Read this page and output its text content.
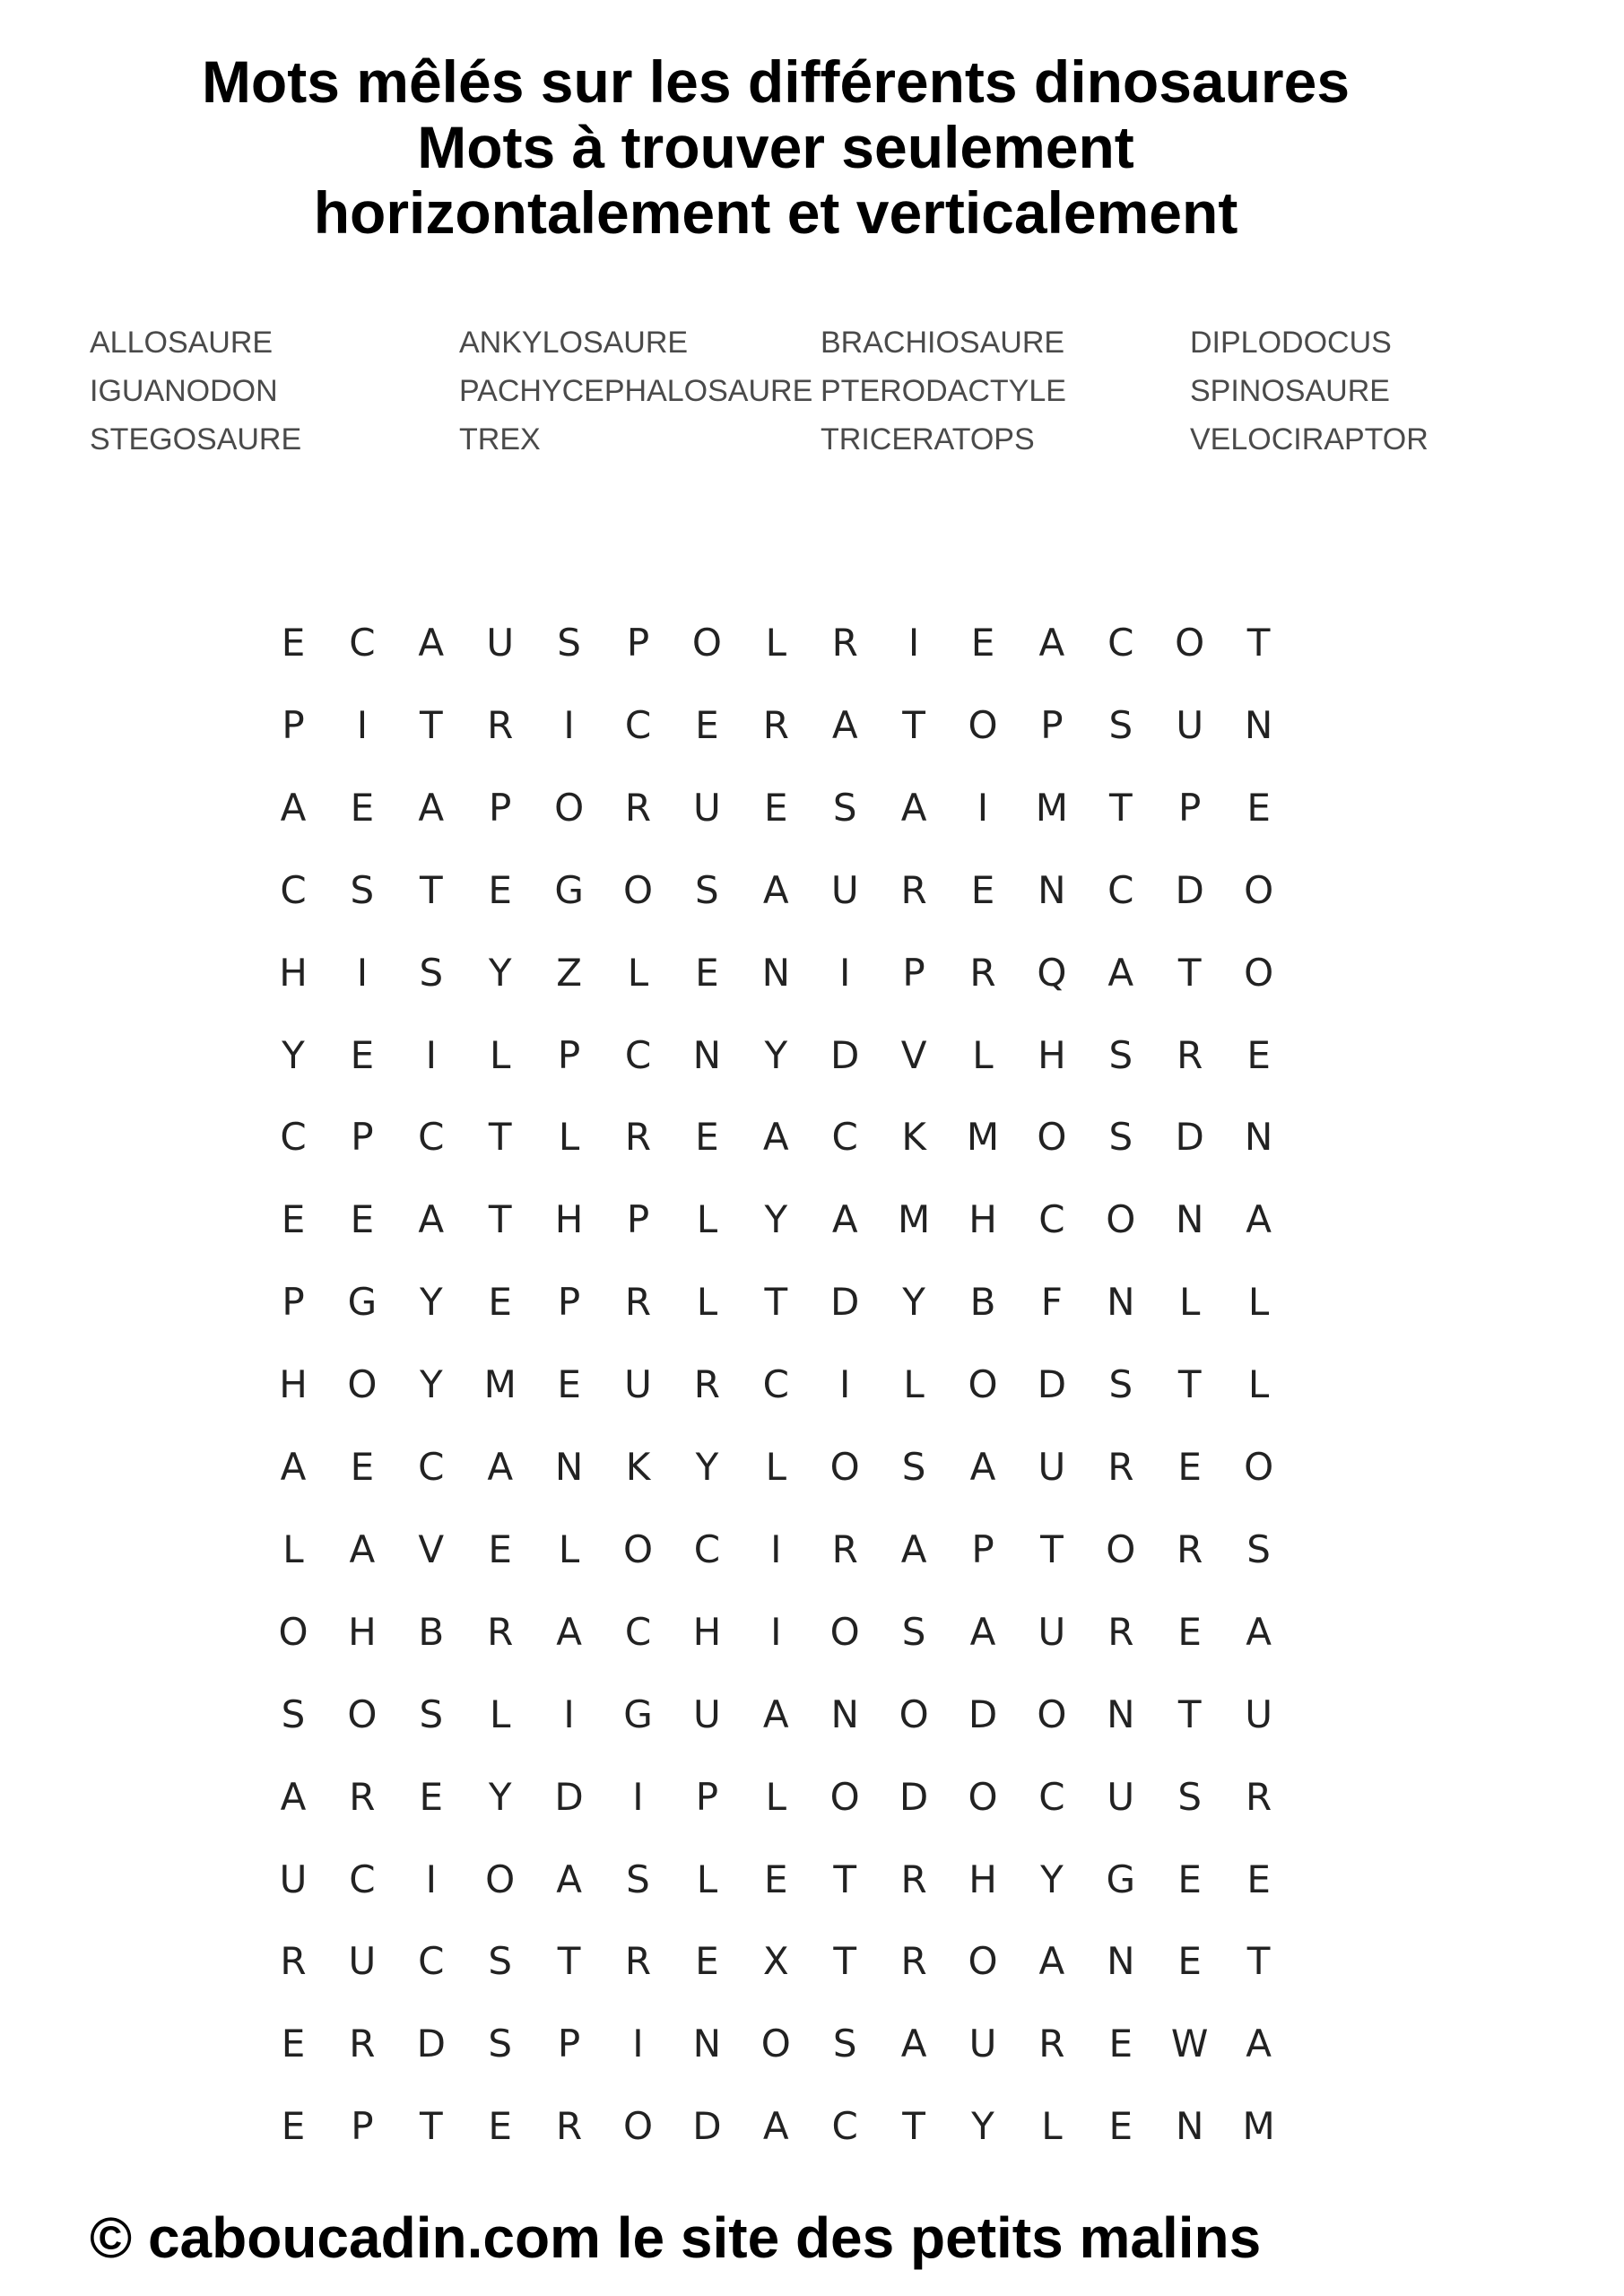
Mots mêlés sur les différents dinosaures
Mots à trouver seulement
horizontalement et verticalement
ALLOSAURE	ANKYLOSAURE	BRACHIOSAURE	DIPLODOCUS
IGUANODON	PACHYCEPHALOSAURE PTERODACTYLE	SPINOSAURE
STEGOSAURE	TREX	TRICERATOPS	VELOCIRAPTOR
E	C	A	U	S	P	O	L	R	I	E	A	C	O	T
P	I	T	R	I	C	E	R	A	T	O	P	S	U	N
A	E	A	P	O	R	U	E	S	A	I	M	T	P	E
C	S	T	E	G	O	S	A	U	R	E	N	C	D	O
H	I	S	Y	Z	L	E	N	I	P	R	Q	A	T	O
Y	E	I	L	P	C	N	Y	D	V	L	H	S	R	E
C	P	C	T	L	R	E	A	C	K	M	O	S	D	N
E	E	A	T	H	P	L	Y	A	M	H	C	O	N	A
P	G	Y	E	P	R	L	T	D	Y	B	F	N	L	L
H	O	Y	M	E	U	R	C	I	L	O	D	S	T	L
A	E	C	A	N	K	Y	L	O	S	A	U	R	E	O
L	A	V	E	L	O	C	I	R	A	P	T	O	R	S
O	H	B	R	A	C	H	I	O	S	A	U	R	E	A
S	O	S	L	I	G	U	A	N	O	D	O	N	T	U
A	R	E	Y	D	I	P	L	O	D	O	C	U	S	R
U	C	I	O	A	S	L	E	T	R	H	Y	G	E	E
R	U	C	S	T	R	E	X	T	R	O	A	N	E	T
E	R	D	S	P	I	N	O	S	A	U	R	E	W A
E	P	T	E	R	O	D	A	C	T	Y	L	E	N	M
© caboucadin.com le site des petits malins
